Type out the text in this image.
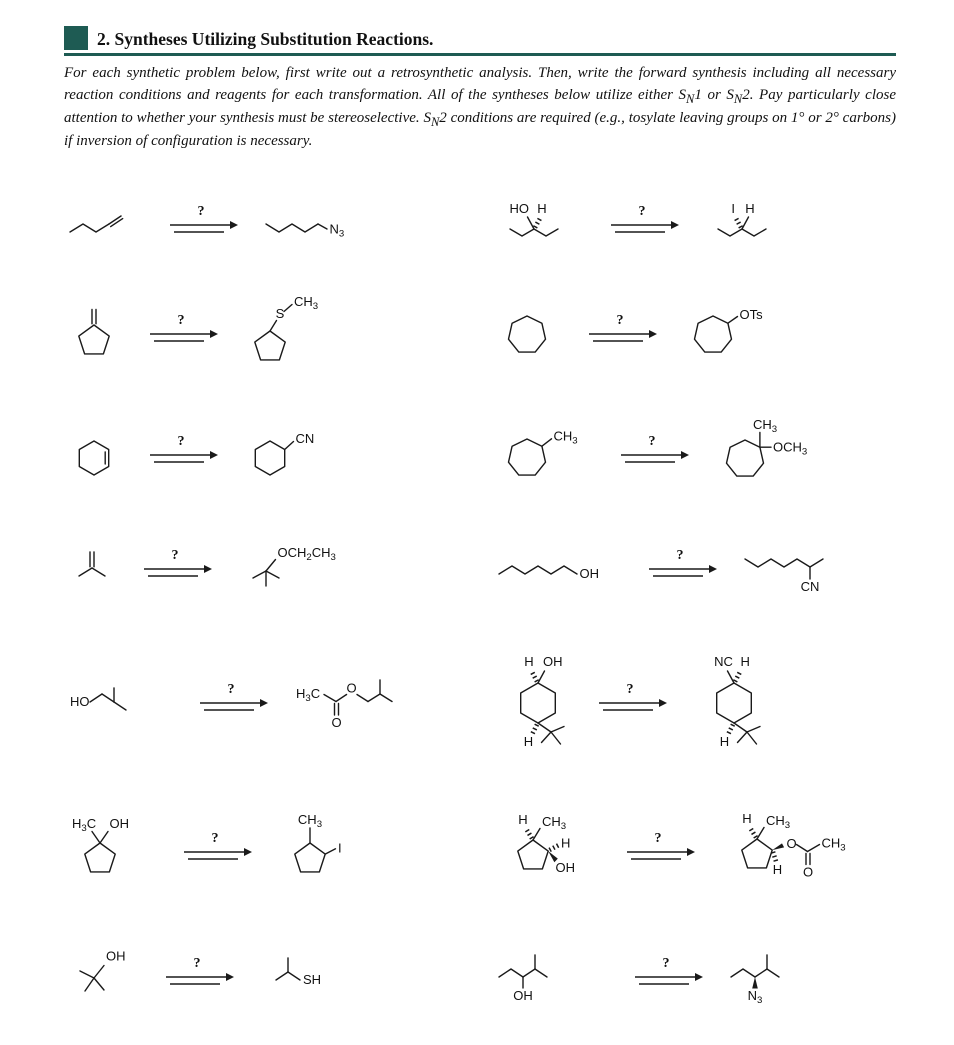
2. Syntheses Utilizing Substitution Reactions.

For each synthetic problem below, first write out a retrosynthetic analysis. Then, write the forward synthesis including all necessary reaction conditions and reagents for each transformation. All of the syntheses below utilize either $S_N1$ or $S_N2$. Pay particularly close attention to whether your synthesis must be stereoselective. $S_N2$ conditions are required (e.g., tosylate leaving groups on 1° or 2° carbons) if inversion of configuration is necessary.

?
$N_3$
HO H	?	I H
?	S
$CH_3$
?	OTs
?	CN	$CH_3$	?
$CH_3$
$OCH_3$
?	$OCH_2CH_3$
OH
?
CN
HO
?	$H_3C$
O
O
H OH
H
?
NC H
H
$H_3C$ OH
?
$CH_3$
I
H $CH_3$
H
OH
?
H $CH_3$
O
O
$CH_3$
H
OH	?
SH
OH
?
$N_3$
